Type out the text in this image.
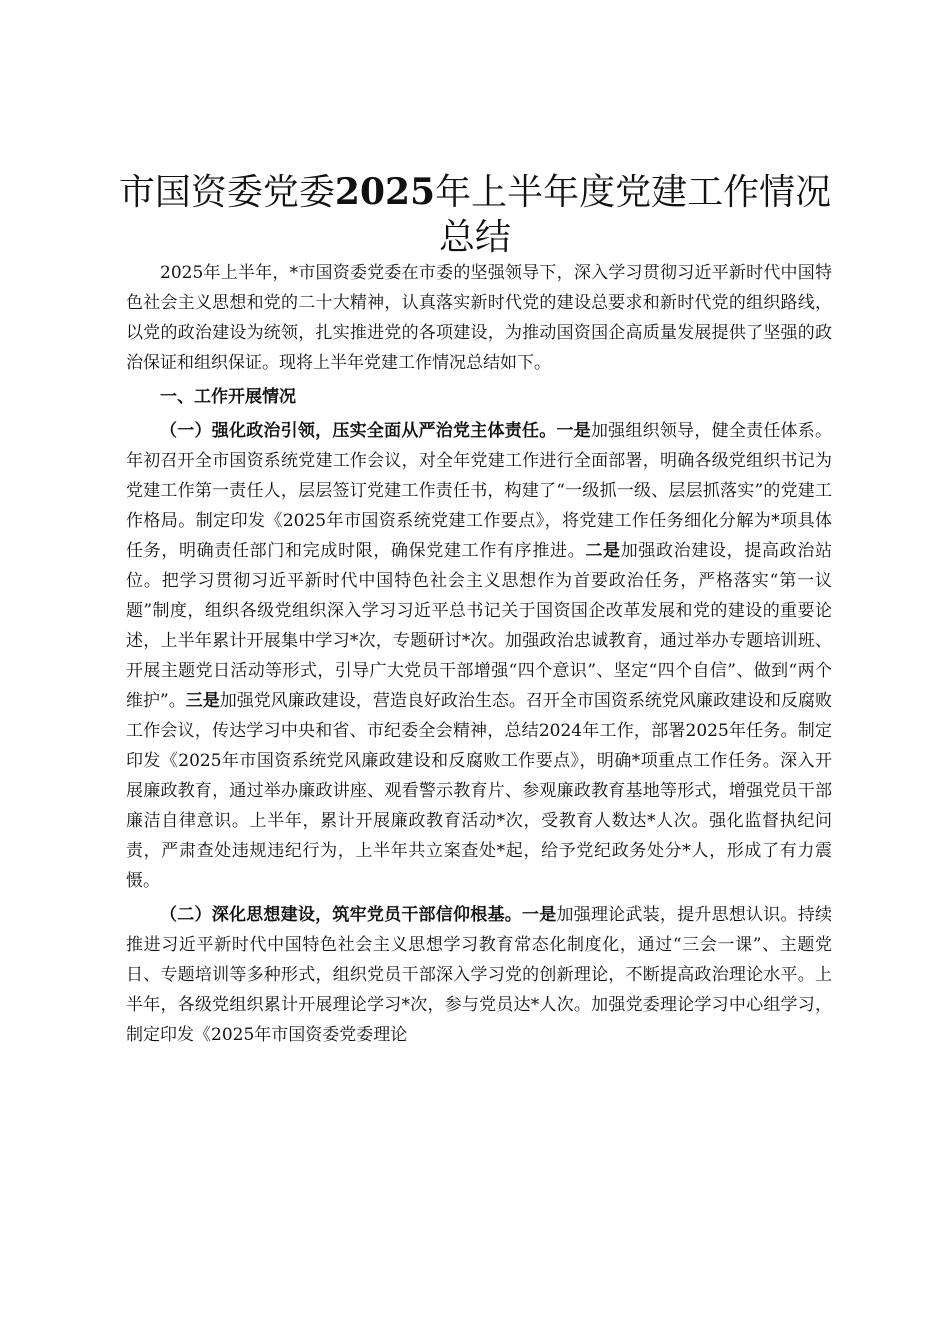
市国资委党委2025年上半年度党建工作情况
总结

2025年上半年，*市国资委党委在市委的坚强领导下，深入学习贯彻习近平新时代中国特色社会主义思想和党的二十大精神，认真落实新时代党的建设总要求和新时代党的组织路线，以党的政治建设为统领，扎实推进党的各项建设，为推动国资国企高质量发展提供了坚强的政治保证和组织保证。现将上半年党建工作情况总结如下。

一、工作开展情况

（一）强化政治引领，压实全面从严治党主体责任。一是加强组织领导，健全责任体系。年初召开全市国资系统党建工作会议，对全年党建工作进行全面部署，明确各级党组织书记为党建工作第一责任人，层层签订党建工作责任书，构建了“一级抓一级、层层抓落实”的党建工作格局。制定印发《2025年市国资系统党建工作要点》，将党建工作任务细化分解为*项具体任务，明确责任部门和完成时限，确保党建工作有序推进。二是加强政治建设，提高政治站位。把学习贯彻习近平新时代中国特色社会主义思想作为首要政治任务，严格落实“第一议题”制度，组织各级党组织深入学习习近平总书记关于国资国企改革发展和党的建设的重要论述，上半年累计开展集中学习*次，专题研讨*次。加强政治忠诚教育，通过举办专题培训班、开展主题党日活动等形式，引导广大党员干部增强“四个意识”、坚定“四个自信”、做到“两个维护”。三是加强党风廉政建设，营造良好政治生态。召开全市国资系统党风廉政建设和反腐败工作会议，传达学习中央和省、市纪委全会精神，总结2024年工作，部署2025年任务。制定印发《2025年市国资系统党风廉政建设和反腐败工作要点》，明确*项重点工作任务。深入开展廉政教育，通过举办廉政讲座、观看警示教育片、参观廉政教育基地等形式，增强党员干部廉洁自律意识。上半年，累计开展廉政教育活动*次，受教育人数达*人次。强化监督执纪问责，严肃查处违规违纪行为，上半年共立案查处*起，给予党纪政务处分*人，形成了有力震慑。

（二）深化思想建设，筑牢党员干部信仰根基。一是加强理论武装，提升思想认识。持续推进习近平新时代中国特色社会主义思想学习教育常态化制度化，通过“三会一课”、主题党日、专题培训等多种形式，组织党员干部深入学习党的创新理论，不断提高政治理论水平。上半年，各级党组织累计开展理论学习*次，参与党员达*人次。加强党委理论学习中心组学习，制定印发《2025年市国资委党委理论
